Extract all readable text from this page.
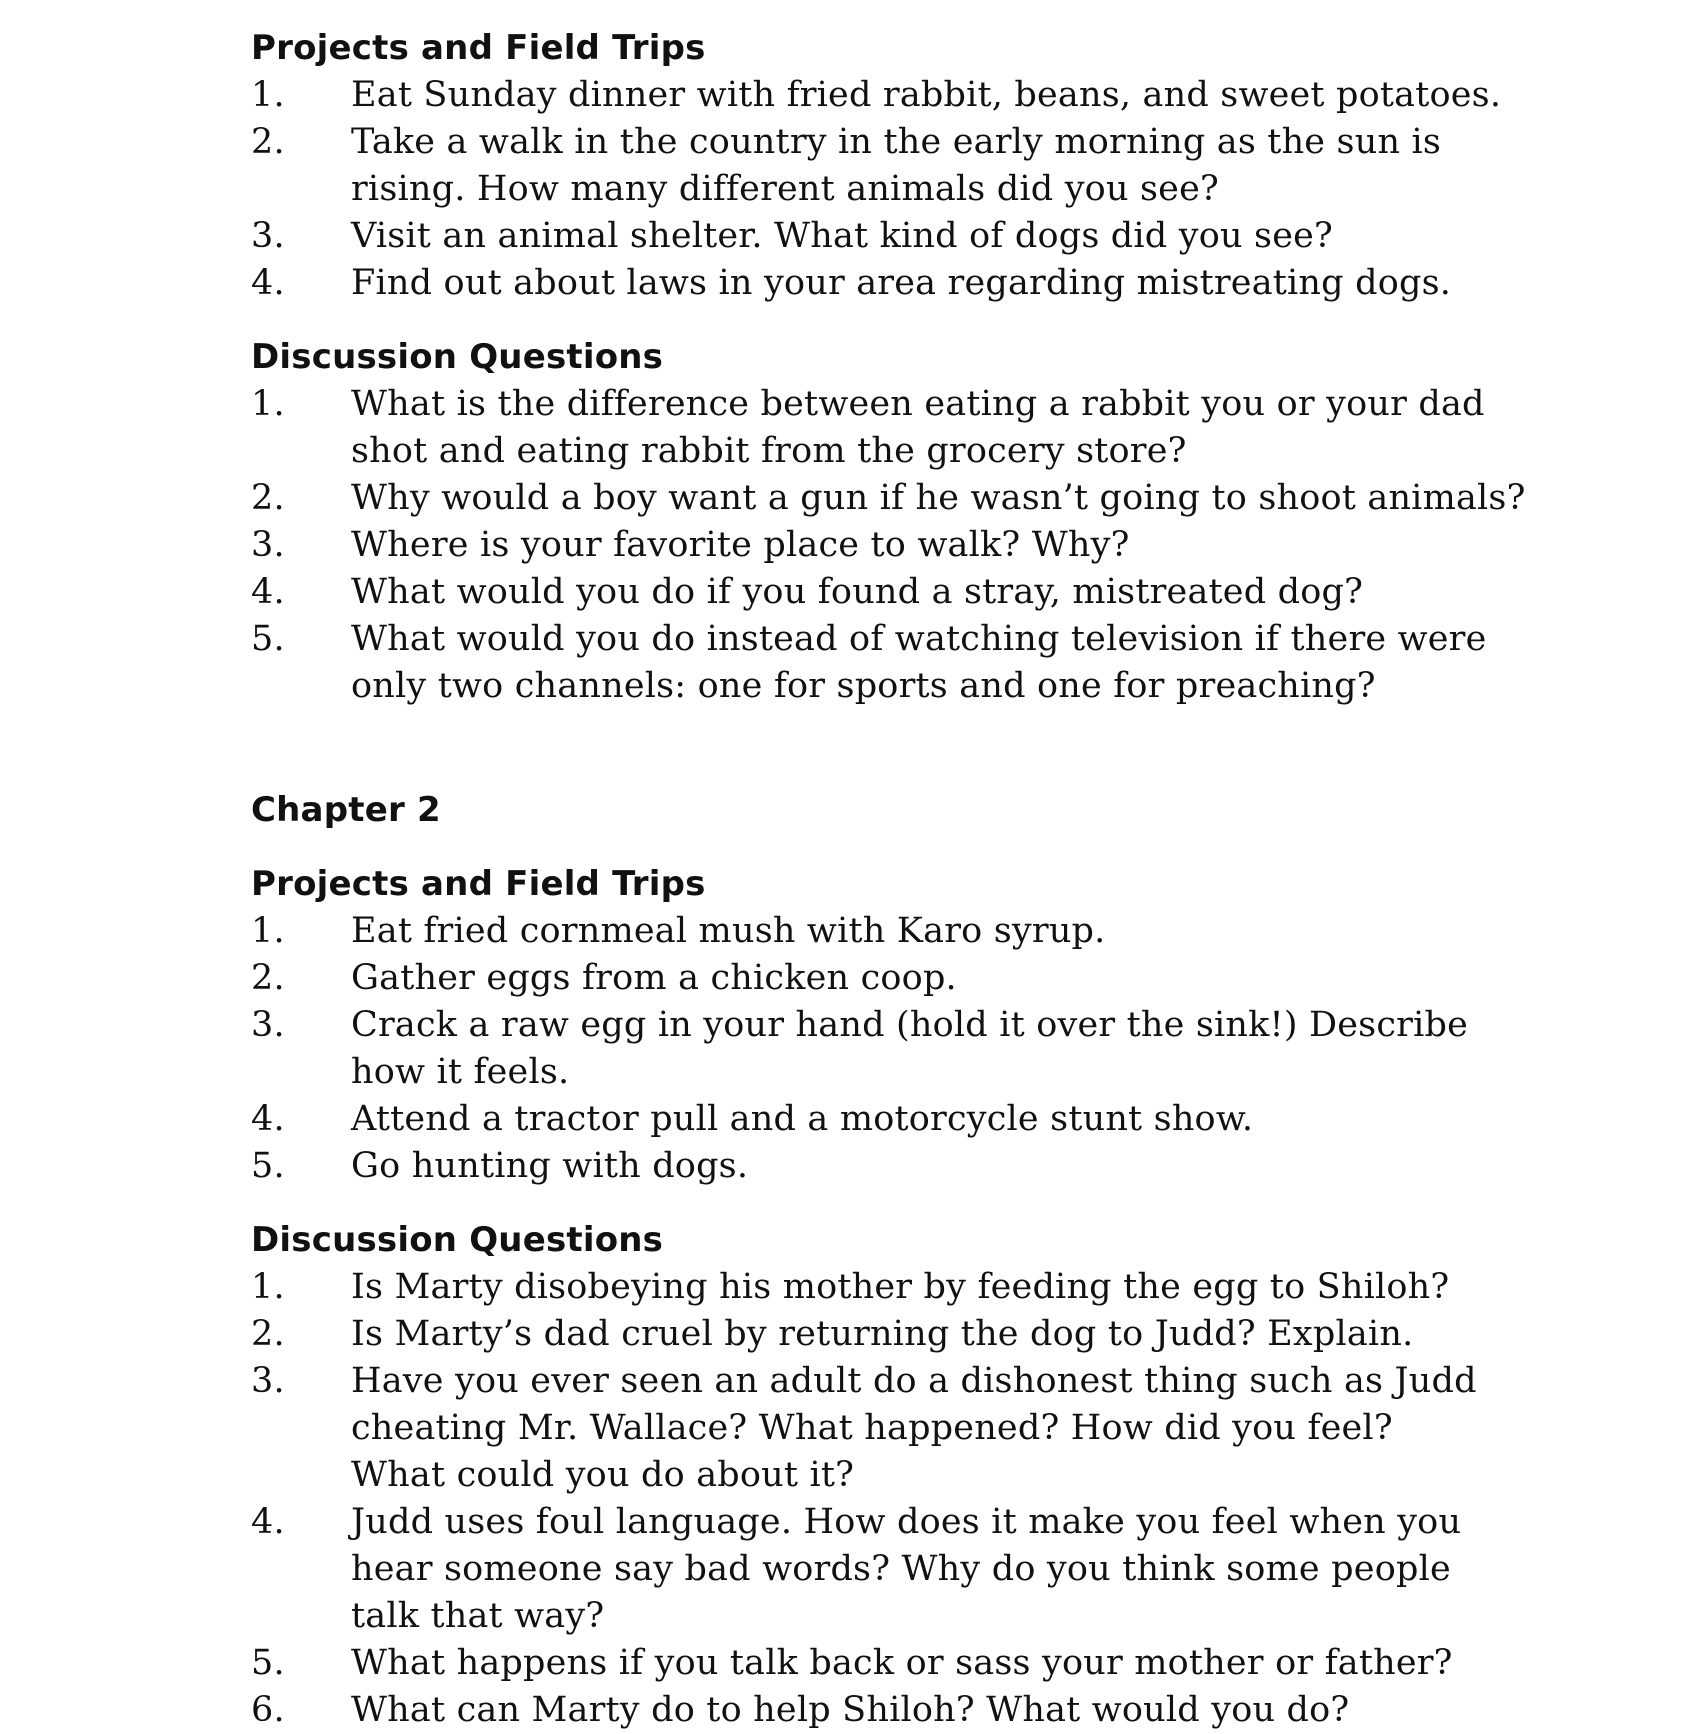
Projects and Field Trips
1. Eat Sunday dinner with fried rabbit, beans, and sweet potatoes.
2. Take a walk in the country in the early morning as the sun is
rising. How many different animals did you see?
3. Visit an animal shelter. What kind of dogs did you see?
4. Find out about laws in your area regarding mistreating dogs.
Discussion Questions
1. What is the difference between eating a rabbit you or your dad
shot and eating rabbit from the grocery store?
2. Why would a boy want a gun if he wasn’t going to shoot animals?
3. Where is your favorite place to walk? Why?
4. What would you do if you found a stray, mistreated dog?
5. What would you do instead of watching television if there were
only two channels: one for sports and one for preaching?
Chapter 2
Projects and Field Trips
1. Eat fried cornmeal mush with Karo syrup.
2. Gather eggs from a chicken coop.
3. Crack a raw egg in your hand (hold it over the sink!) Describe
how it feels.
4. Attend a tractor pull and a motorcycle stunt show.
5. Go hunting with dogs.
Discussion Questions
1. Is Marty disobeying his mother by feeding the egg to Shiloh?
2. Is Marty’s dad cruel by returning the dog to Judd? Explain.
3. Have you ever seen an adult do a dishonest thing such as Judd
cheating Mr. Wallace? What happened? How did you feel?
What could you do about it?
4. Judd uses foul language. How does it make you feel when you
hear someone say bad words? Why do you think some people
talk that way?
5. What happens if you talk back or sass your mother or father?
6. What can Marty do to help Shiloh? What would you do?
